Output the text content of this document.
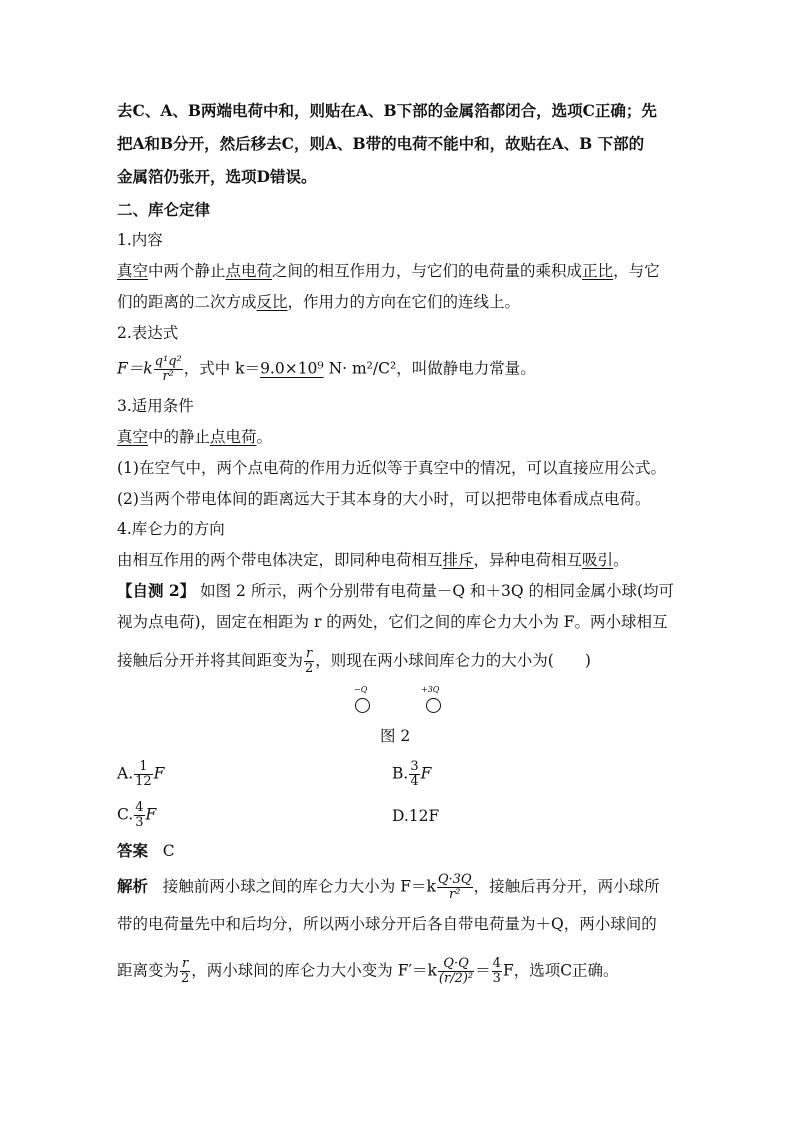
去C、A、B两端电荷中和，则贴在A、B下部的金属箔都闭合，选项C正确；先
把A和B分开，然后移去C，则A、B带的电荷不能中和，故贴在A、B 下部的
金属箔仍张开，选项D错误。
二、库仑定律
1.内容
真空中两个静止点电荷之间的相互作用力，与它们的电荷量的乘积成正比，与它
们的距离的二次方成反比，作用力的方向在它们的连线上。
2.表达式
$F=k \frac{\text{q¹q²}}{\text{r²}}$ ，式中 k＝9.0×10⁹ N· m²/C²，叫做静电力常量。
3.适用条件
真空中的静止点电荷。
(1)在空气中，两个点电荷的作用力近似等于真空中的情况，可以直接应用公式。
(2)当两个带电体间的距离远大于其本身的大小时，可以把带电体看成点电荷。
4.库仑力的方向
由相互作用的两个带电体决定，即同种电荷相互排斥，异种电荷相互吸引。
【自测 2】 如图 2 所示，两个分别带有电荷量－Q 和＋3Q 的相同金属小球(均可
视为点电荷)，固定在相距为 r 的两处，它们之间的库仑力大小为 F。两小球相互
接触后分开并将其间距变为 $\frac{r}{2}$ ，则现在两小球间库仑力的大小为(　　)
−Q	+3Q
图 2
A. $\frac{1}{12}$ F	B. $\frac{3}{4}$ F
C. $\frac{4}{3}$ F	D.12F
答案 C
解析 接触前两小球之间的库仑力大小为 $F=k \frac{Q\cdot 3Q}{\text{r²}}$ ，接触后再分开，两小球所
带的电荷量先中和后均分，所以两小球分开后各自带电荷量为＋Q，两小球间的
距离变为 $\frac{r}{2}$ ，两小球间的库仑力大小变为 $F'=k \frac{Q\cdot Q}{\text{(r/2)²}} = \frac{4}{3}$ F，选项C正确。
